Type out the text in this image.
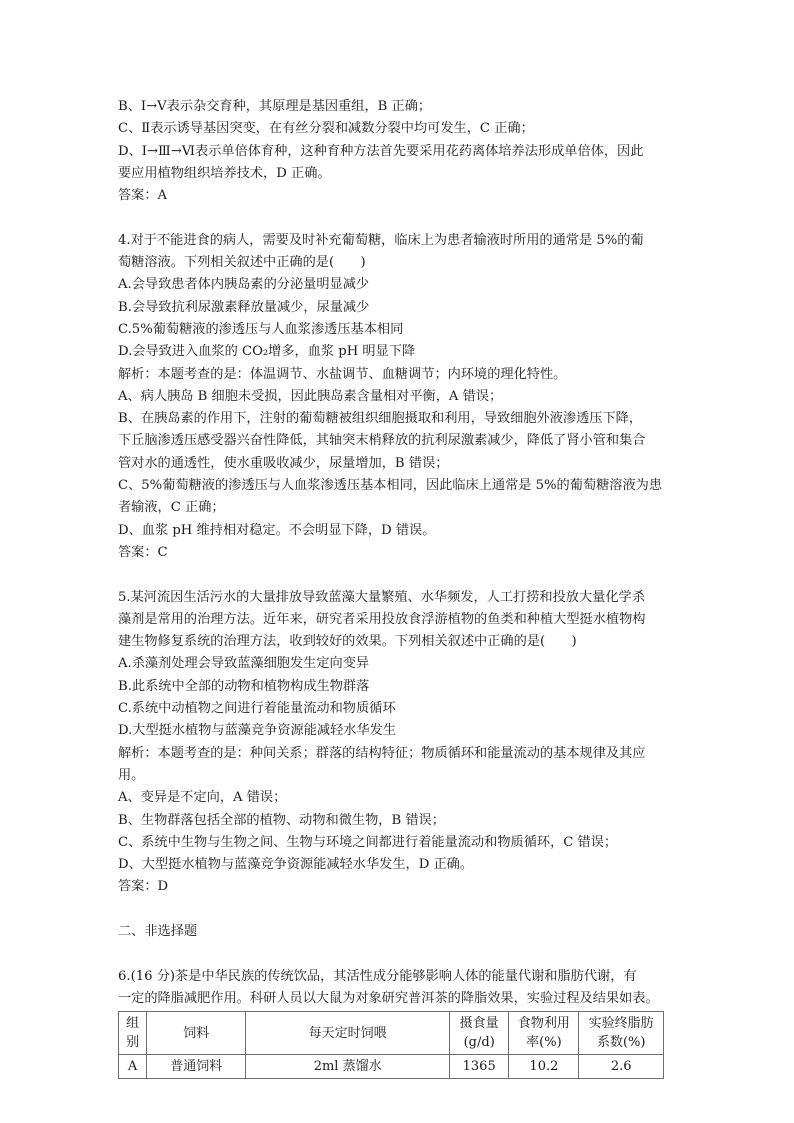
B、Ⅰ→Ⅴ表示杂交育种，其原理是基因重组，B 正确；
C、Ⅱ表示诱导基因突变，在有丝分裂和减数分裂中均可发生，C 正确；
D、Ⅰ→Ⅲ→Ⅵ表示单倍体育种，这种育种方法首先要采用花药离体培养法形成单倍体，因此
要应用植物组织培养技术，D 正确。
答案：A
4.对于不能进食的病人，需要及时补充葡萄糖，临床上为患者输液时所用的通常是 5%的葡
萄糖溶液。下列相关叙述中正确的是(　　)
A.会导致患者体内胰岛素的分泌量明显减少
B.会导致抗利尿激素释放量减少，尿量减少
C.5%葡萄糖液的渗透压与人血浆渗透压基本相同
D.会导致进入血浆的 CO₂增多，血浆 pH 明显下降
解析：本题考查的是：体温调节、水盐调节、血糖调节；内环境的理化特性。
A、病人胰岛 B 细胞未受损，因此胰岛素含量相对平衡，A 错误；
B、在胰岛素的作用下，注射的葡萄糖被组织细胞摄取和利用，导致细胞外液渗透压下降，
下丘脑渗透压感受器兴奋性降低，其轴突末梢释放的抗利尿激素减少，降低了肾小管和集合
管对水的通透性，使水重吸收减少，尿量增加，B 错误；
C、5%葡萄糖液的渗透压与人血浆渗透压基本相同，因此临床上通常是 5%的葡萄糖溶液为患
者输液，C 正确；
D、血浆 pH 维持相对稳定。不会明显下降，D 错误。
答案：C
5.某河流因生活污水的大量排放导致蓝藻大量繁殖、水华频发，人工打捞和投放大量化学杀
藻剂是常用的治理方法。近年来，研究者采用投放食浮游植物的鱼类和种植大型挺水植物构
建生物修复系统的治理方法，收到较好的效果。下列相关叙述中正确的是(　　)
A.杀藻剂处理会导致蓝藻细胞发生定向变异
B.此系统中全部的动物和植物构成生物群落
C.系统中动植物之间进行着能量流动和物质循环
D.大型挺水植物与蓝藻竞争资源能减轻水华发生
解析：本题考查的是：种间关系；群落的结构特征；物质循环和能量流动的基本规律及其应
用。
A、变异是不定向，A 错误；
B、生物群落包括全部的植物、动物和微生物，B 错误；
C、系统中生物与生物之间、生物与环境之间都进行着能量流动和物质循环，C 错误；
D、大型挺水植物与蓝藻竞争资源能减轻水华发生，D 正确。
答案：D
二、非选择题
6.(16 分)茶是中华民族的传统饮品，其活性成分能够影响人体的能量代谢和脂肪代谢，有
一定的降脂减肥作用。科研人员以大鼠为对象研究普洱茶的降脂效果，实验过程及结果如表。
组
别	饲料	每天定时饲喂	摄食量
(g/d)	食物利用
率(%)	实验终脂肪
系数(%)
A	普通饲料	2ml 蒸馏水	1365	10.2	2.6
